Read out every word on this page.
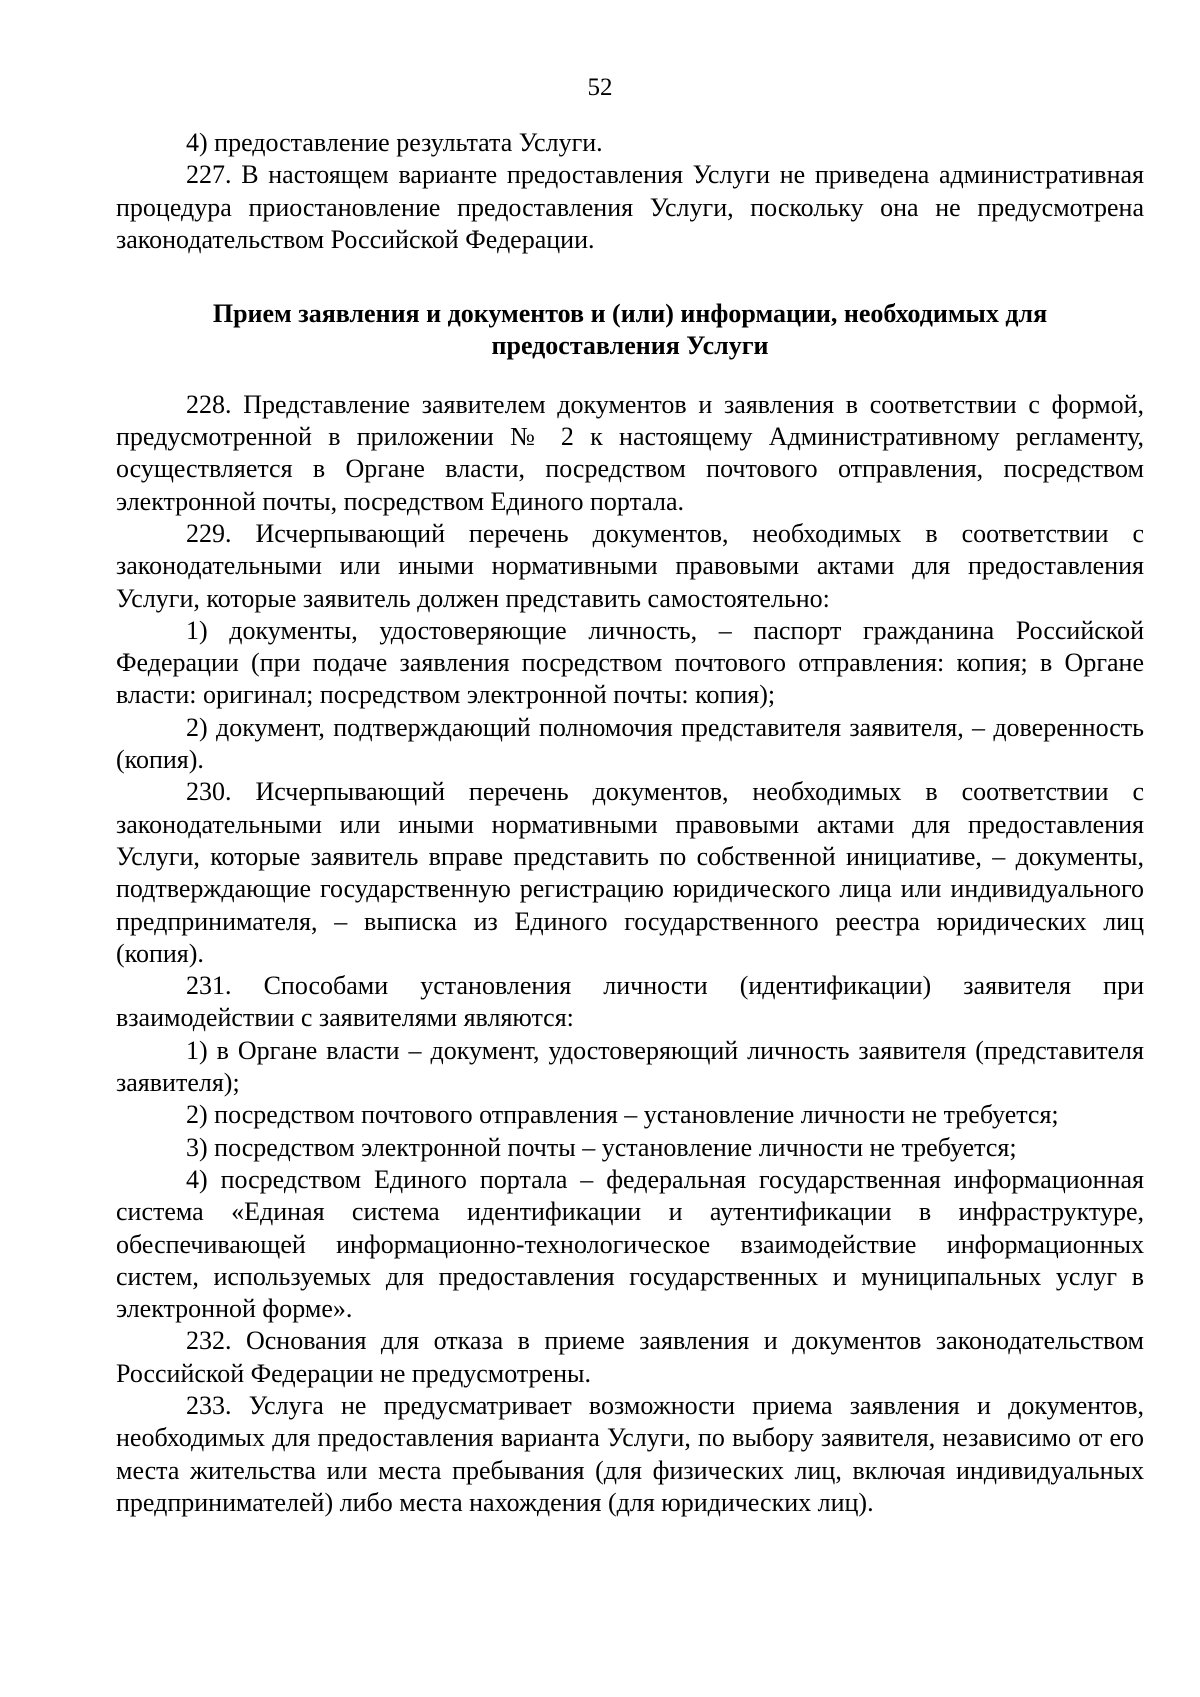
52

4) предоставление результата Услуги.

227. В настоящем варианте предоставления Услуги не приведена административная процедура приостановление предоставления Услуги, поскольку она не предусмотрена законодательством Российской Федерации.

Прием заявления и документов и (или) информации, необходимых для
предоставления Услуги

228. Представление заявителем документов и заявления в соответствии с формой, предусмотренной в приложении № 2 к настоящему Административному регламенту, осуществляется в Органе власти, посредством почтового отправления, посредством электронной почты, посредством Единого портала.

229. Исчерпывающий перечень документов, необходимых в соответствии с законодательными или иными нормативными правовыми актами для предоставления Услуги, которые заявитель должен представить самостоятельно:

1) документы, удостоверяющие личность, – паспорт гражданина Российской Федерации (при подаче заявления посредством почтового отправления: копия; в Органе власти: оригинал; посредством электронной почты: копия);

2) документ, подтверждающий полномочия представителя заявителя, – доверенность (копия).

230. Исчерпывающий перечень документов, необходимых в соответствии с законодательными или иными нормативными правовыми актами для предоставления Услуги, которые заявитель вправе представить по собственной инициативе, – документы, подтверждающие государственную регистрацию юридического лица или индивидуального предпринимателя, – выписка из Единого государственного реестра юридических лиц (копия).

231. Способами установления личности (идентификации) заявителя при взаимодействии с заявителями являются:

1) в Органе власти – документ, удостоверяющий личность заявителя (представителя заявителя);

2) посредством почтового отправления – установление личности не требуется;

3) посредством электронной почты – установление личности не требуется;

4) посредством Единого портала – федеральная государственная информационная система «Единая система идентификации и аутентификации в инфраструктуре, обеспечивающей информационно-технологическое взаимодействие информационных систем, используемых для предоставления государственных и муниципальных услуг в электронной форме».

232. Основания для отказа в приеме заявления и документов законодательством Российской Федерации не предусмотрены.

233. Услуга не предусматривает возможности приема заявления и документов, необходимых для предоставления варианта Услуги, по выбору заявителя, независимо от его места жительства или места пребывания (для физических лиц, включая индивидуальных предпринимателей) либо места нахождения (для юридических лиц).
